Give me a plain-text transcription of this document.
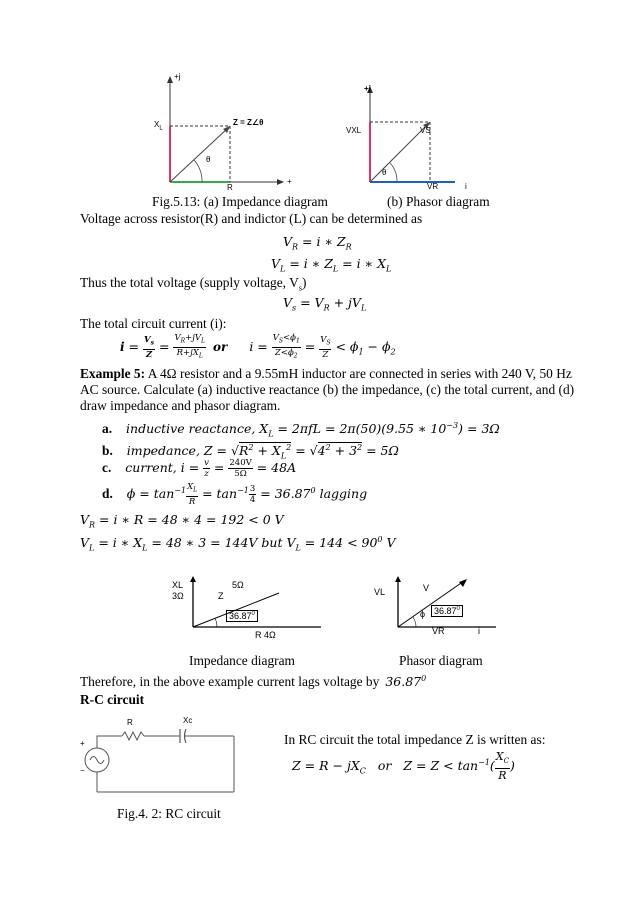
+j
+
$X_L$
Z = Z∠θ
θ
R
+j
VXL	VS
θ
VR	i
Fig.5.13: (a) Impedance diagram	(b) Phasor diagram
Voltage across resistor(R) and indictor (L) can be determined as
$V_R = i$ ∗ $Z_R$
$V_L = i$ ∗ $Z_L = i$ ∗ $X_L$
Thus the total voltage (supply voltage, $V_s$)
$V_s = V_R + jV_L$
The total circuit current (i):
$i = \frac{V_s}{Z} = \frac{V_R+jV_L}{R+jX_L}$ or $i = \frac{V_S<\phi_1}{Z<\phi_2} = \frac{V_S}{Z} < \phi_1 - \phi_2$
Example 5: A 4Ω resistor and a 9.55mH inductor are connected in series with 240 V, 50 Hz
AC source. Calculate (a) inductive reactance (b) the impedance, (c) the total current, and (d)
draw impedance and phasor diagram.
a. inductive reactance, $X_L = 2\pi fL = 2\pi(50)(9.55$ ∗ $10^{-3}) = 3\Omega$
b. impedance, $Z = √R^2 + X_L^2 = √4^2 + 3^2 = 5\Omega$
c. current, $i = \frac{v}{z} = \frac{240V}{5\Omega} = 48A$
d. $\phi = \tan^{-1} \frac{X_L}{R} = \tan^{-1} \frac{3}{4} = 36.87^0$ lagging
$V_R = i$ ∗ R = 48 ∗ 4 = 192 < 0 V
$V_L = i$ ∗ $X_L = 48$ ∗ 3 = 144V but $V_L = 144 < 90^0$ V
XL
3Ω
5Ω
Z
36.87$^0$
R 4Ω
VL	V
ϕ 36.87$^0$
VR	i
Impedance diagram	Phasor diagram
Therefore, in the above example current lags voltage by 36.87$^0$
R-C circuit
R	Xc
+
−
In RC circuit the total impedance Z is written as:
$Z = R - jX_C$ or $Z = Z < \tan^{-1}( \frac{X_C}{R}$ )
Fig.4. 2: RC circuit
